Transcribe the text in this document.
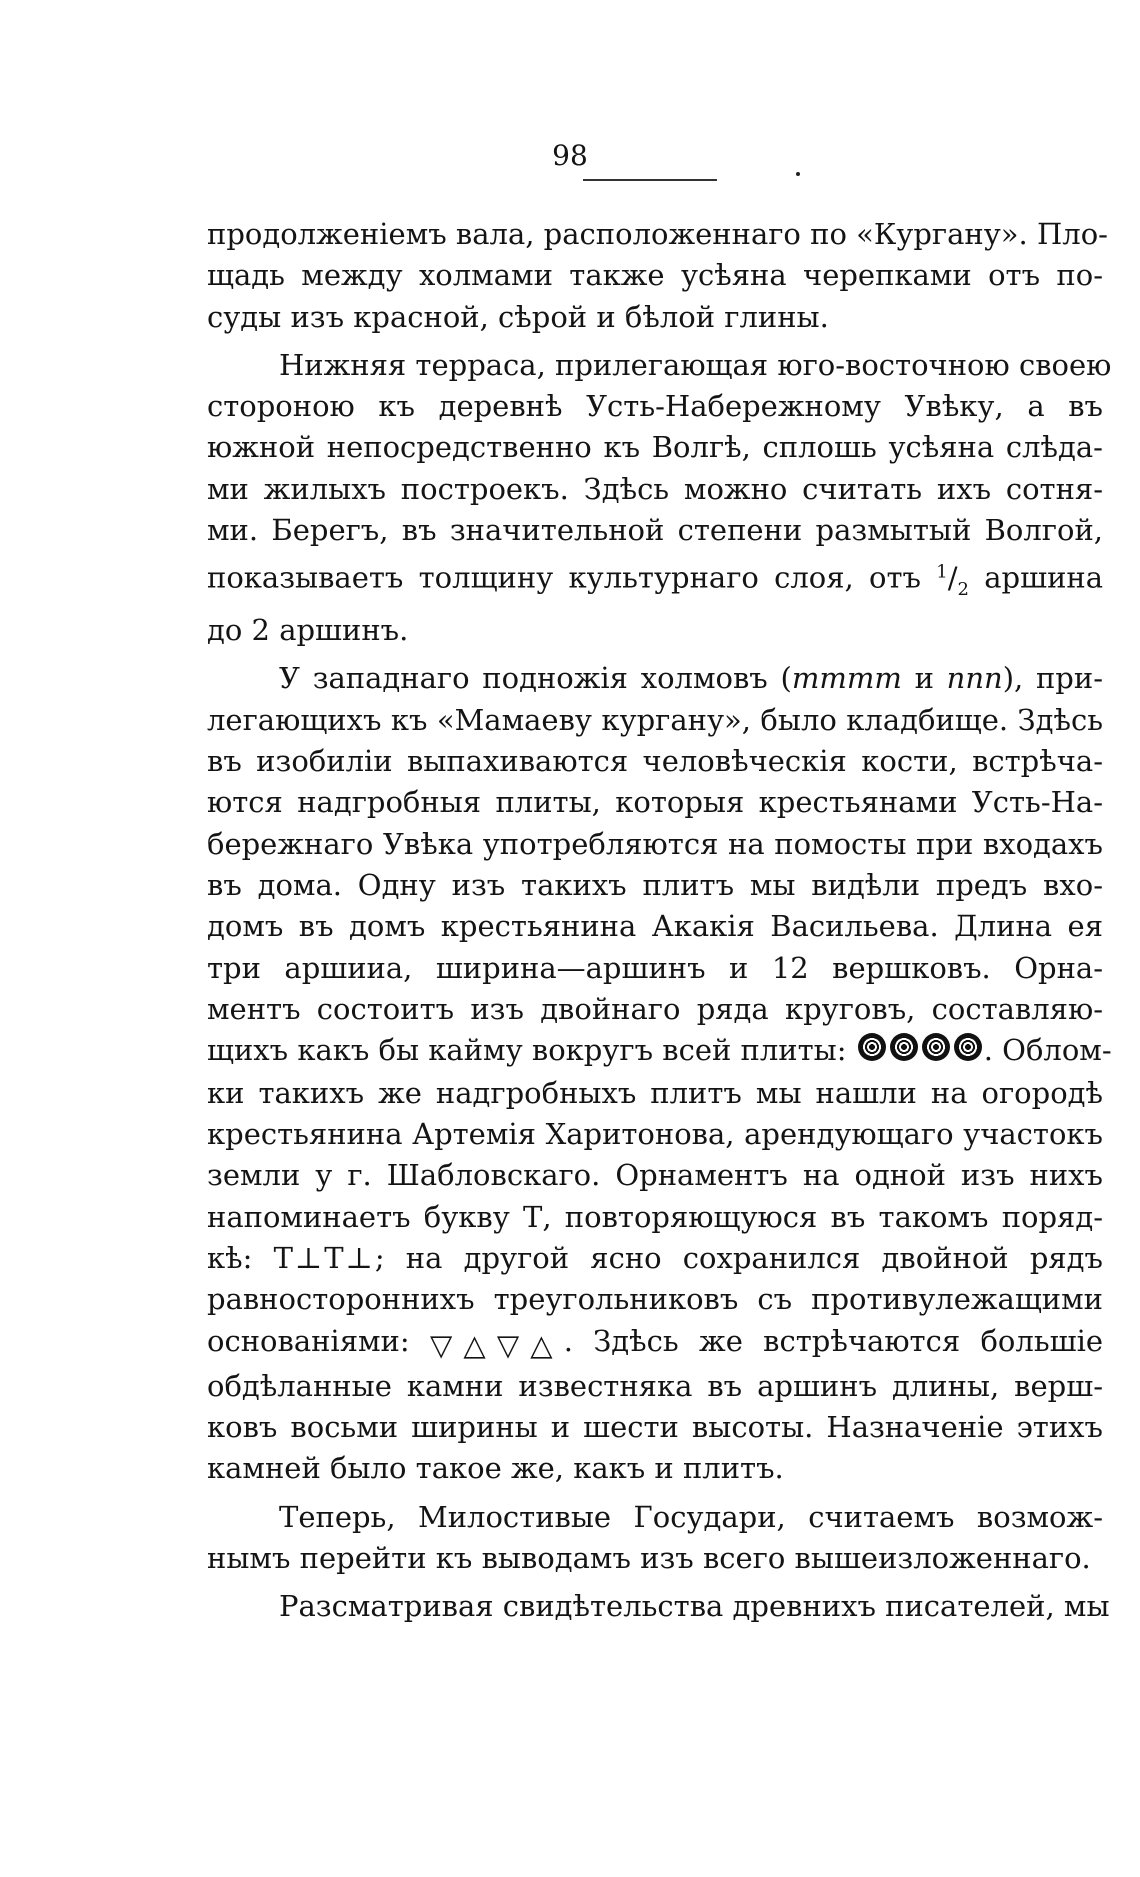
98
продолженіемъ вала, расположеннаго по «Кургану». Пло-
щадь между холмами также усѣяна черепками отъ по-
суды изъ красной, сѣрой и бѣлой глины.
Нижняя терраса, прилегающая юго-восточною своею
стороною къ деревнѣ Усть-Набережному Увѣку, а въ
южной непосредственно къ Волгѣ, сплошь усѣяна слѣда-
ми жилыхъ построекъ. Здѣсь можно считать ихъ сотня-
ми. Берегъ, въ значительной степени размытый Волгой,
показываетъ толщину культурнаго слоя, отъ $^1/_2$ аршина
до 2 аршинъ.
У западнаго подножія холмовъ (mmmm и nnn), при-
легающихъ къ «Мамаеву кургану», было кладбище. Здѣсь
въ изобиліи выпахиваются человѣческія кости, встрѣча-
ются надгробныя плиты, которыя крестьянами Усть-На-
бережнаго Увѣка употребляются на помосты при входахъ
въ дома. Одну изъ такихъ плитъ мы видѣли предъ вхо-
домъ въ домъ крестьянина Акакія Васильева. Длина ея
три аршииа, ширина—аршинъ и 12 вершковъ. Орна-
ментъ состоитъ изъ двойнаго ряда круговъ, составляю-
щихъ какъ бы кайму вокругъ всей плиты:	. Облом-
ки такихъ же надгробныхъ плитъ мы нашли на огородѣ
крестьянина Артемія Харитонова, арендующаго участокъ
земли у г. Шабловскаго. Орнаментъ на одной изъ нихъ
напоминаетъ букву Т, повторяющуюся въ такомъ поряд-
кѣ: Т⊥Т⊥; на другой ясно сохранился двойной рядъ
равностороннихъ треугольниковъ съ противулежащими
основаніями: ▽△▽△. Здѣсь же встрѣчаются большіе
обдѣланные камни известняка въ аршинъ длины, верш-
ковъ восьми ширины и шести высоты. Назначеніе этихъ
камней было такое же, какъ и плитъ.
Теперь, Милостивые Государи, считаемъ возмож-
нымъ перейти къ выводамъ изъ всего вышеизложеннаго.
Разсматривая свидѣтельства древнихъ писателей, мы
